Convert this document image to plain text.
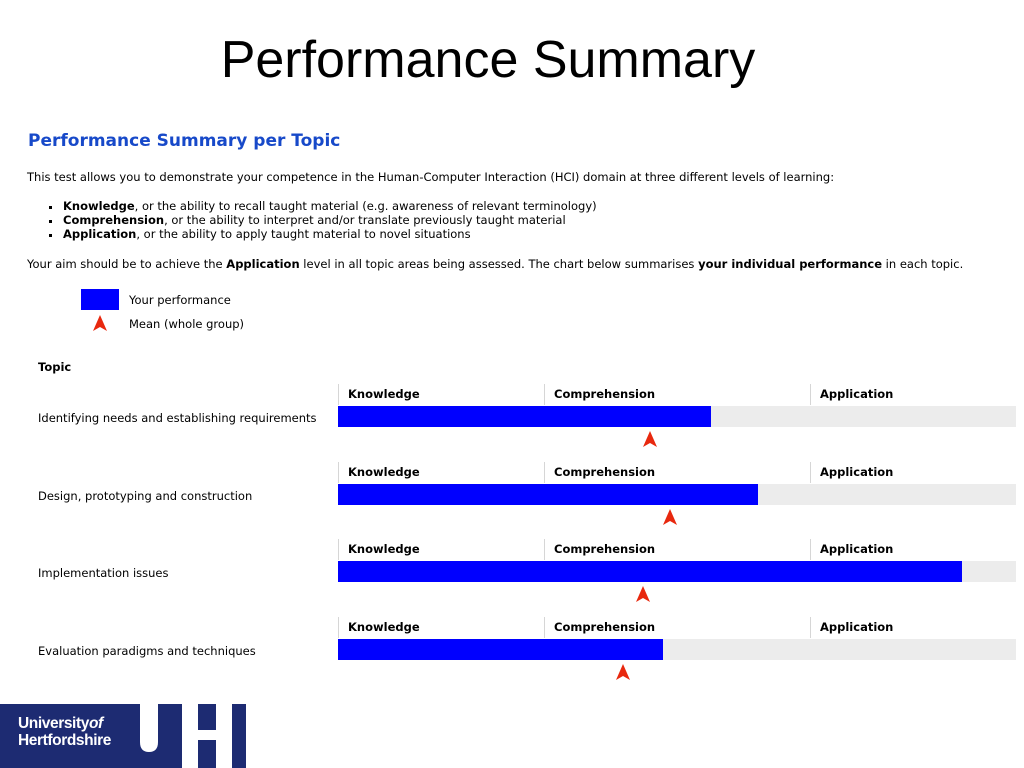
Performance Summary
Performance Summary per Topic
This test allows you to demonstrate your competence in the Human-Computer Interaction (HCI) domain at three different levels of learning:
Knowledge, or the ability to recall taught material (e.g. awareness of relevant terminology)
Comprehension, or the ability to interpret and/or translate previously taught material
Application, or the ability to apply taught material to novel situations
Your aim should be to achieve the Application level in all topic areas being assessed. The chart below summarises your individual performance in each topic.
Your performance
Mean (whole group)
Topic
Knowledge	Comprehension	Application
Identifying needs and establishing requirements
Knowledge	Comprehension	Application
Design, prototyping and construction
Knowledge	Comprehension	Application
Implementation issues
Knowledge	Comprehension	Application
Evaluation paradigms and techniques
Universityof
Hertfordshire
